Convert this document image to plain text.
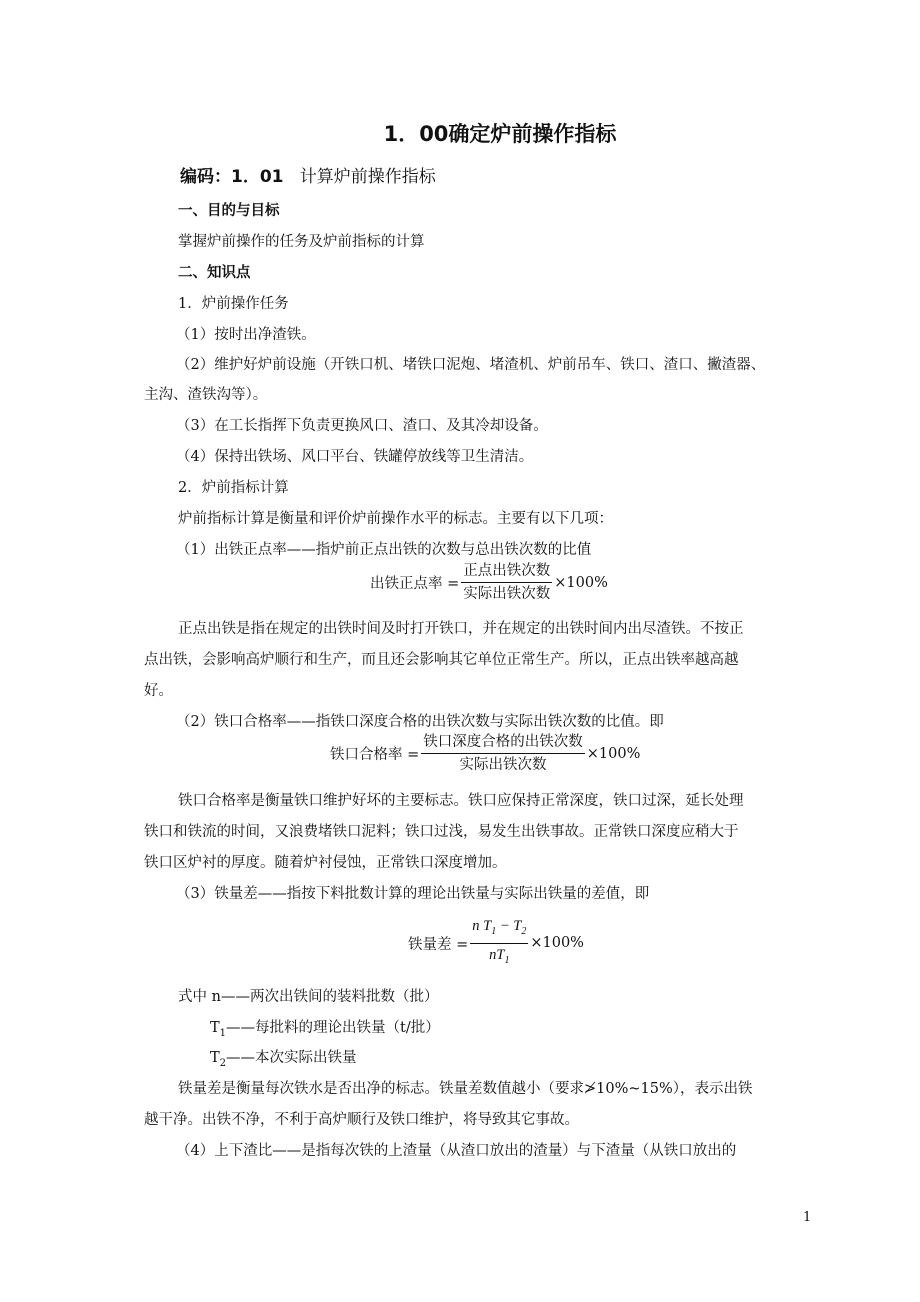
1．00确定炉前操作指标
编码：1．01 计算炉前操作指标
一、目的与目标
掌握炉前操作的任务及炉前指标的计算
二、知识点
1．炉前操作任务
（1）按时出净渣铁。
（2）维护好炉前设施（开铁口机、堵铁口泥炮、堵渣机、炉前吊车、铁口、渣口、撇渣器、
主沟、渣铁沟等）。
（3）在工长指挥下负责更换风口、渣口、及其冷却设备。
（4）保持出铁场、风口平台、铁罐停放线等卫生清洁。
2．炉前指标计算
炉前指标计算是衡量和评价炉前操作水平的标志。主要有以下几项：
（1）出铁正点率——指炉前正点出铁的次数与总出铁次数的比值
出铁正点率 = $\frac{\text{正点出铁次数}}{\text{实际出铁次数}} \times 100\%$
正点出铁是指在规定的出铁时间及时打开铁口，并在规定的出铁时间内出尽渣铁。不按正
点出铁，会影响高炉顺行和生产，而且还会影响其它单位正常生产。所以，正点出铁率越高越
好。
（2）铁口合格率——指铁口深度合格的出铁次数与实际出铁次数的比值。即
铁口合格率 = $\frac{\text{铁口深度合格的出铁次数}}{\text{实际出铁次数}} \times 100\%$
铁口合格率是衡量铁口维护好坏的主要标志。铁口应保持正常深度，铁口过深，延长处理
铁口和铁流的时间，又浪费堵铁口泥料；铁口过浅，易发生出铁事故。正常铁口深度应稍大于
铁口区炉衬的厚度。随着炉衬侵蚀，正常铁口深度增加。
（3）铁量差——指按下料批数计算的理论出铁量与实际出铁量的差值，即
铁量差 = $\frac{n T_1 - T_2}{nT_1} \times 100\%$
式中 n——两次出铁间的装料批数（批）
$T_1——$每批料的理论出铁量（t/批）
$T_2——$本次实际出铁量
铁量差是衡量每次铁水是否出净的标志。铁量差数值越小（要求≯10%~15%），表示出铁
越干净。出铁不净，不利于高炉顺行及铁口维护，将导致其它事故。
（4）上下渣比——是指每次铁的上渣量（从渣口放出的渣量）与下渣量（从铁口放出的
1
